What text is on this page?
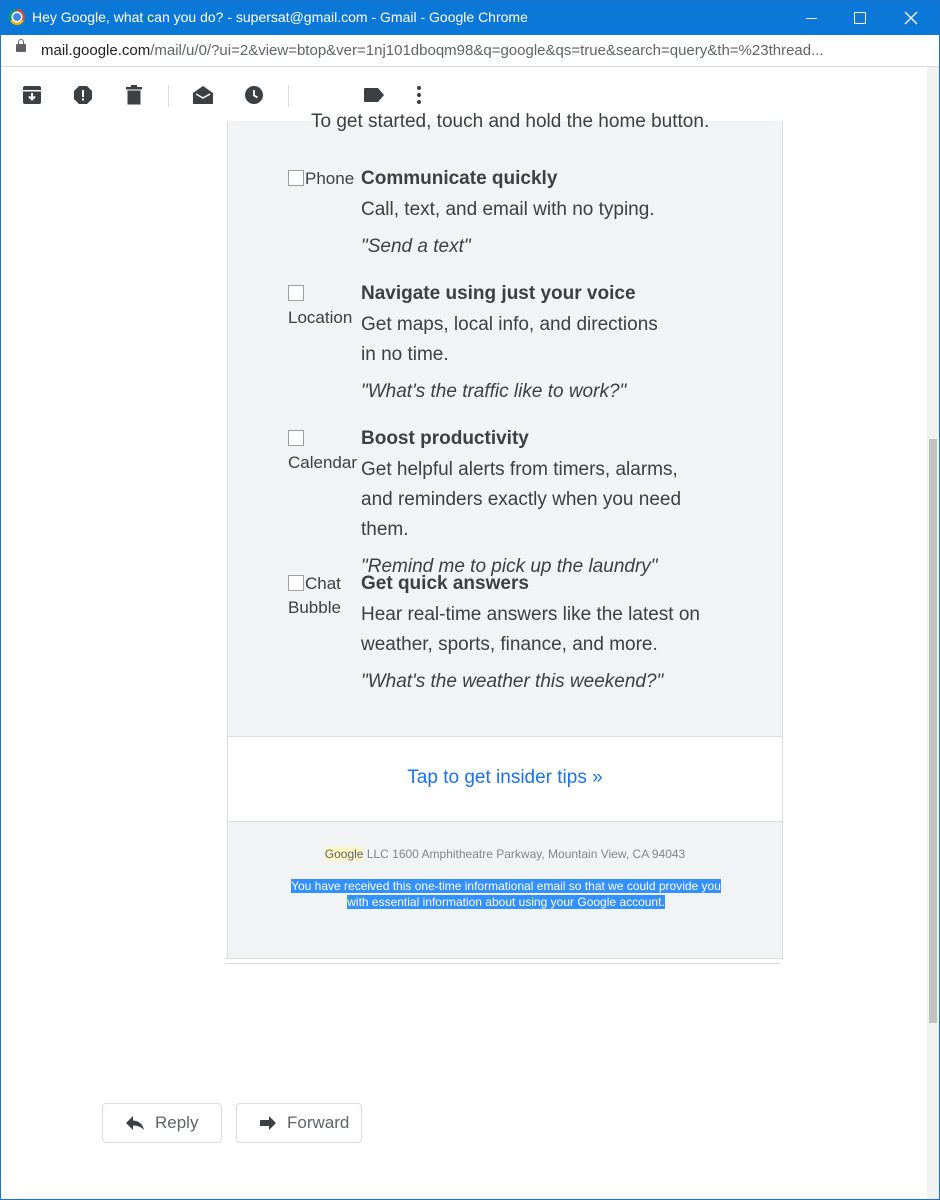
Hey Google, what can you do? - supersat@gmail.com - Gmail - Google Chrome
mail.google.com/mail/u/0/?ui=2&view=btop&ver=1nj101dboqm98&q=google&qs=true&search=query&th=%23thread...
Phone Communicate quickly

Call, text, and email with no typing.

"Send a text"

Location
Navigate using just your voice

Get maps, local info, and directions in no time.

"What's the traffic like to work?"

Calendar
Boost productivity

Get helpful alerts from timers, alarms, and reminders exactly when you need them.

"Remind me to pick up the laundry"
Chat Bubble
Get quick answers

Hear real-time answers like the latest on weather, sports, finance, and more.

"What's the weather this weekend?"
Tap to get insider tips »
Google LLC 1600 Amphitheatre Parkway, Mountain View, CA 94043
You have received this one-time informational email so that we could provide you with essential information about using your Google account.
To get started, touch and hold the home button.
Reply	Forward
